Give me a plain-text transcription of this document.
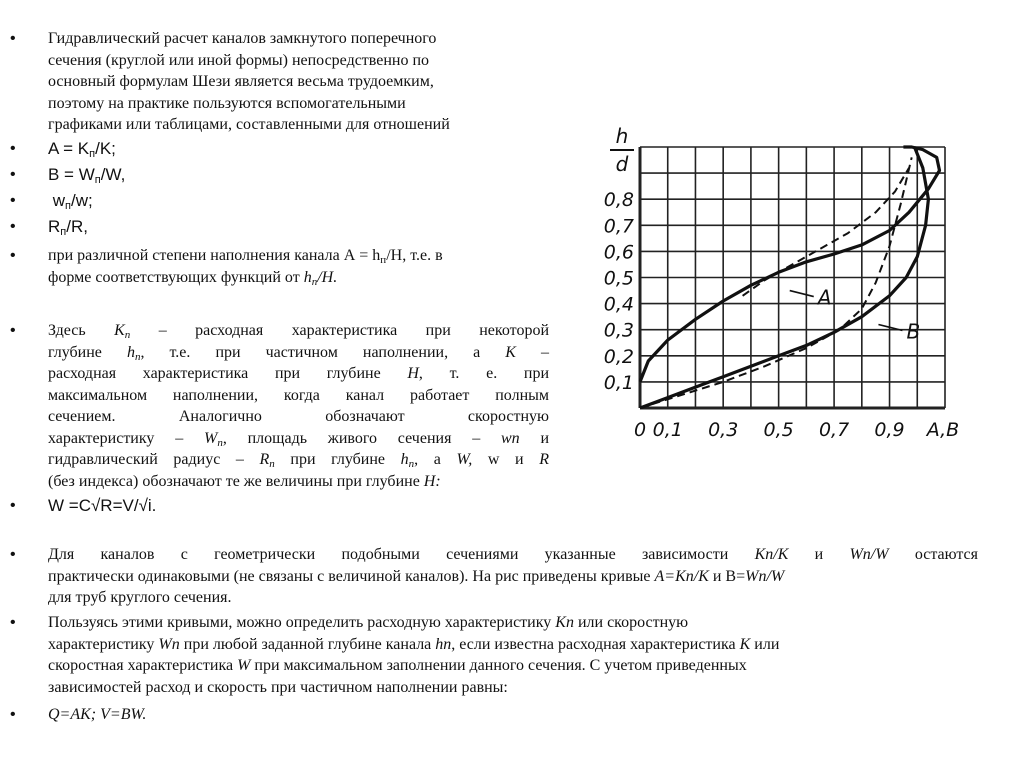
• Гидравлический расчет каналов замкнутого поперечного
сечения (круглой или иной формы) непосредственно по
основный формулам Шези является весьма трудоемким,
поэтому на практике пользуются вспомогательными
графиками или таблицами, составленными для отношений
• $A = K_п/K$;
• $B = W_п/W$,
• $w_п/w$;
• $R_п/R$,
• при различной степени наполнения канала $А = h_п/H$, т.е. в
форме соответствующих функций от $h_п/H$.
• Здесь $K_п$ – расходная характеристика при некоторой
глубине $h_п$, т.е. при частичном наполнении, а K –
расходная характеристика при глубине H, т. е. при
максимальном наполнении, когда канал работает полным
сечением. Аналогично обозначают скоростную
характеристику – $W_п$, площадь живого сечения – wn и
гидравлический радиус – $R_п$ при глубине $h_п$, а W, w и R
(без индекса) обозначают те же величины при глубине H:
• W =C√R=V/√i.
• Для каналов с геометрически подобными сечениями указанные зависимости Kn/K и Wn/W остаются
практически одинаковыми (не связаны с величиной каналов). На рис приведены кривые A=Kn/K и В=Wn/W
для труб круглого сечения.
• Пользуясь этими кривыми, можно определить расходную характеристику Kn или скоростную
характеристику Wn при любой заданной глубине канала hn, если известна расходная характеристика K или
скоростная характеристика W при максимальном заполнении данного сечения. С учетом приведенных
зависимостей расход и скорость при частичном наполнении равны:
• Q=AK; V=BW.
A
B
0 0,1 0,3 0,5 0,7 0,9 A,B
0,1
0,2
0,3
0,4
0,5
0,6
0,7
0,8
h
d
